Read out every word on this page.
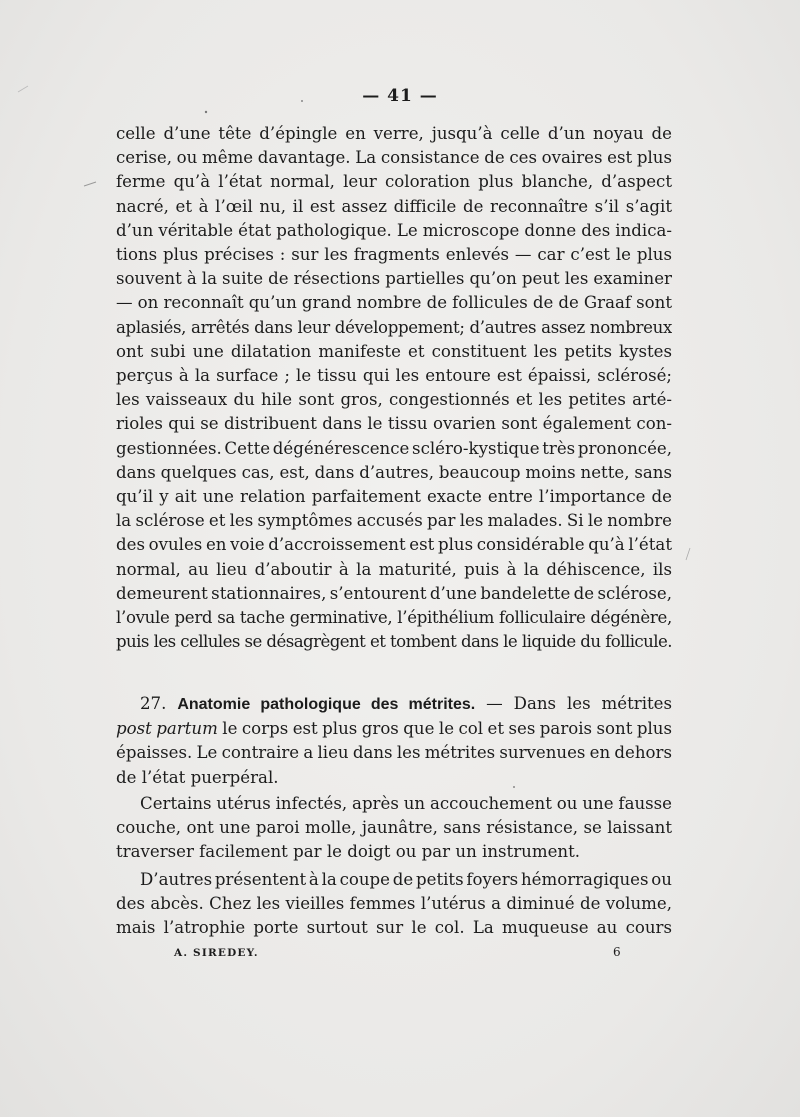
— 41 —
celle d’une tête d’épingle en verre, jusqu’à celle d’un noyau de
cerise, ou même davantage. La consistance de ces ovaires est plus
ferme qu’à l’état normal, leur coloration plus blanche, d’aspect
nacré, et à l’œil nu, il est assez difficile de reconnaître s’il s’agit
d’un véritable état pathologique. Le microscope donne des indica-
tions plus précises : sur les fragments enlevés — car c’est le plus
souvent à la suite de résections partielles qu’on peut les examiner
— on reconnaît qu’un grand nombre de follicules de de Graaf sont
aplasiés, arrêtés dans leur développement; d’autres assez nombreux
ont subi une dilatation manifeste et constituent les petits kystes
perçus à la surface ; le tissu qui les entoure est épaissi, sclérosé;
les vaisseaux du hile sont gros, congestionnés et les petites arté-
rioles qui se distribuent dans le tissu ovarien sont également con-
gestionnées. Cette dégénérescence scléro-kystique très prononcée,
dans quelques cas, est, dans d’autres, beaucoup moins nette, sans
qu’il y ait une relation parfaitement exacte entre l’importance de
la sclérose et les symptômes accusés par les malades. Si le nombre
des ovules en voie d’accroissement est plus considérable qu’à l’état
normal, au lieu d’aboutir à la maturité, puis à la déhiscence, ils
demeurent stationnaires, s’entourent d’une bandelette de sclérose,
l’ovule perd sa tache germinative, l’épithélium folliculaire dégénère,
puis les cellules se désagrègent et tombent dans le liquide du follicule.
27. Anatomie pathologique des métrites. — Dans les métrites
post partum le corps est plus gros que le col et ses parois sont plus
épaisses. Le contraire a lieu dans les métrites survenues en dehors
de l’état puerpéral.
Certains utérus infectés, après un accouchement ou une fausse
couche, ont une paroi molle, jaunâtre, sans résistance, se laissant
traverser facilement par le doigt ou par un instrument.
D’autres présentent à la coupe de petits foyers hémorragiques ou
des abcès. Chez les vieilles femmes l’utérus a diminué de volume,
mais l’atrophie porte surtout sur le col. La muqueuse au cours
A. SIREDEY.	6
